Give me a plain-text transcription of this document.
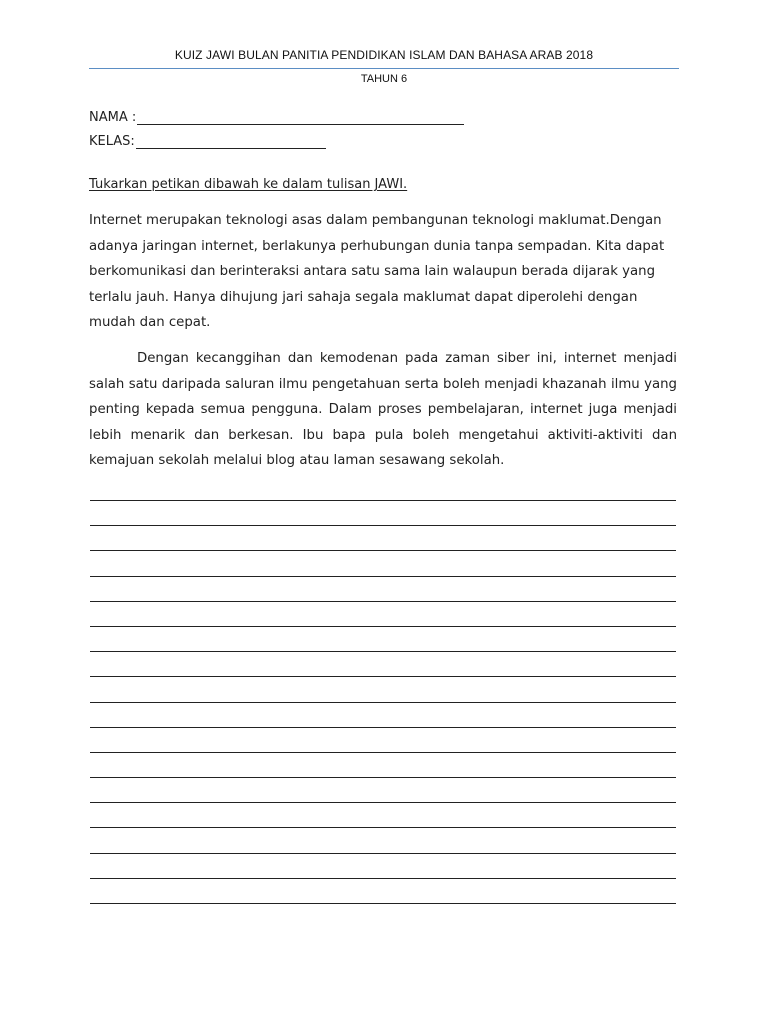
KUIZ JAWI BULAN PANITIA PENDIDIKAN ISLAM DAN BAHASA ARAB 2018
TAHUN 6
NAMA :
KELAS:
Tukarkan petikan dibawah ke dalam tulisan JAWI.

Internet merupakan teknologi asas dalam pembangunan teknologi maklumat.Dengan adanya jaringan internet, berlakunya perhubungan dunia tanpa sempadan. Kita dapat berkomunikasi dan berinteraksi antara satu sama lain walaupun berada dijarak yang terlalu jauh. Hanya dihujung jari sahaja segala maklumat dapat diperolehi dengan mudah dan cepat.

Dengan kecanggihan dan kemodenan pada zaman siber ini, internet menjadi salah satu daripada saluran ilmu pengetahuan serta boleh menjadi khazanah ilmu yang penting kepada semua pengguna. Dalam proses pembelajaran, internet juga menjadi lebih menarik dan berkesan. Ibu bapa pula boleh mengetahui aktiviti-aktiviti dan kemajuan sekolah melalui blog atau laman sesawang sekolah.
